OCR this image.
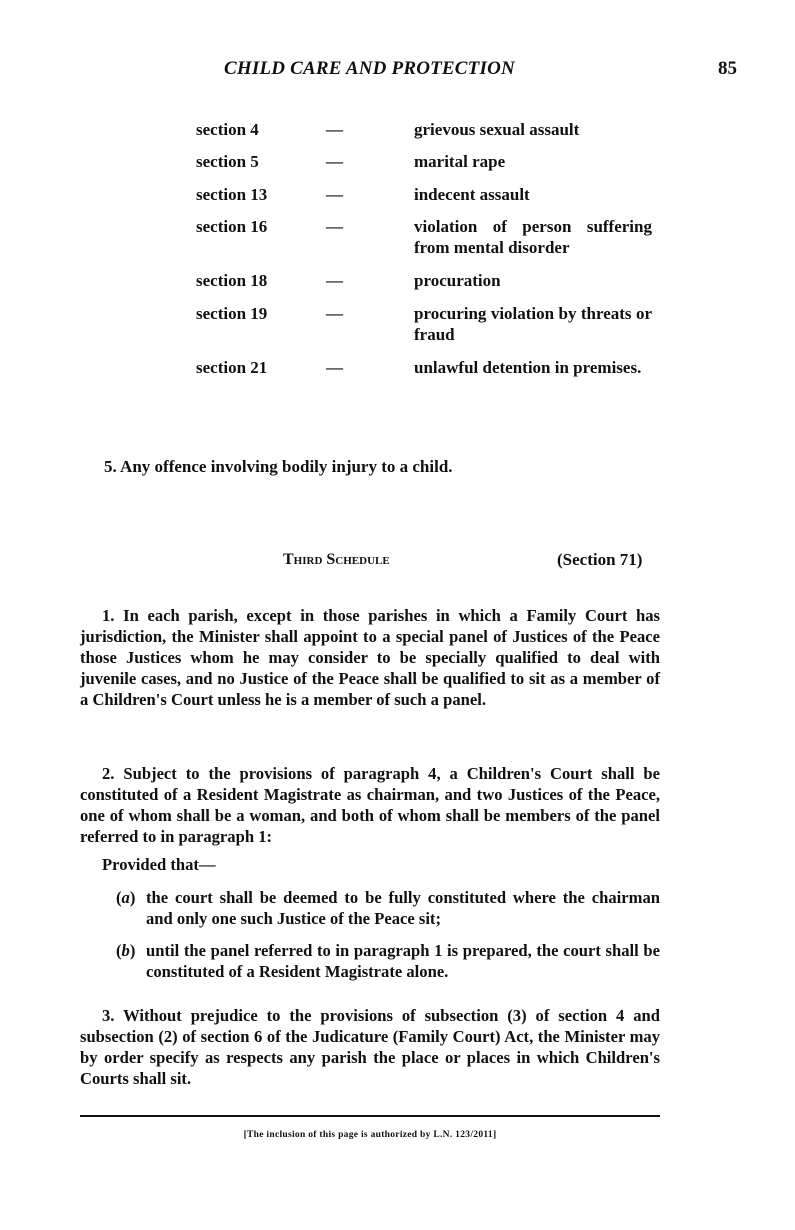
CHILD CARE AND PROTECTION	85
section 4	—	grievous sexual assault
section 5	—	marital rape
section 13	—	indecent assault
section 16	—	violation of person suffering from mental disorder
section 18	—	procuration
section 19	—	procuring violation by threats or fraud
section 21	—	unlawful detention in premises.
5. Any offence involving bodily injury to a child.
Third Schedule	(Section 71)

1. In each parish, except in those parishes in which a Family Court has jurisdiction, the Minister shall appoint to a special panel of Justices of the Peace those Justices whom he may consider to be specially qualified to deal with juvenile cases, and no Justice of the Peace shall be qualified to sit as a member of a Children's Court unless he is a member of such a panel.

2. Subject to the provisions of paragraph 4, a Children's Court shall be constituted of a Resident Magistrate as chairman, and two Justices of the Peace, one of whom shall be a woman, and both of whom shall be members of the panel referred to in paragraph 1:

Provided that—
(a) the court shall be deemed to be fully constituted where the chairman and only one such Justice of the Peace sit;
(b) until the panel referred to in paragraph 1 is prepared, the court shall be constituted of a Resident Magistrate alone.

3. Without prejudice to the provisions of subsection (3) of section 4 and subsection (2) of section 6 of the Judicature (Family Court) Act, the Minister may by order specify as respects any parish the place or places in which Children's Courts shall sit.

[The inclusion of this page is authorized by L.N. 123/2011]
